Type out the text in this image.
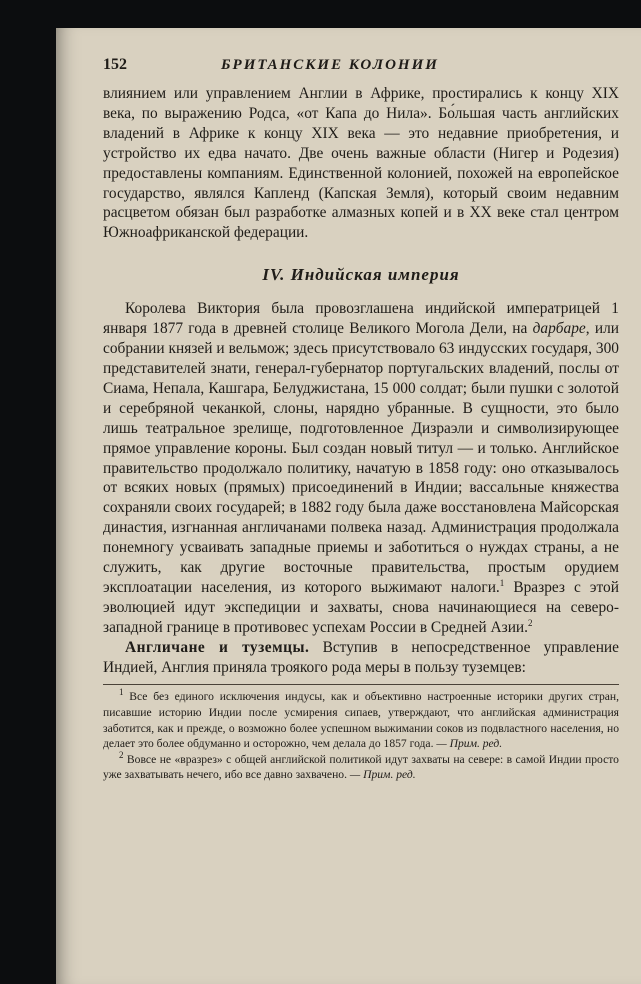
152	БРИТАНСКИЕ КОЛОНИИ

влиянием или управлением Англии в Африке, простирались к концу XIX века, по выражению Родса, «от Капа до Нила». Бо́льшая часть английских владений в Африке к концу XIX века — это недавние приобретения, и устройство их едва начато. Две очень важные области (Нигер и Родезия) предоставлены компаниям. Единственной колонией, похожей на европейское государство, являлся Капленд (Капская Земля), который своим недавним расцветом обязан был разработке алмазных копей и в XX веке стал центром Южноафриканской федерации.

IV. Индийская империя

Королева Виктория была провозглашена индийской императрицей 1 января 1877 года в древней столице Великого Могола Дели, на дарбаре, или собрании князей и вельмож; здесь присутствовало 63 индусских государя, 300 представителей знати, генерал-губернатор португальских владений, послы от Сиама, Непала, Кашгара, Белуджистана, 15 000 солдат; были пушки с золотой и серебряной чеканкой, слоны, нарядно убранные. В сущности, это было лишь театральное зрелище, подготовленное Дизраэли и символизирующее прямое управление короны. Был создан новый титул — и только. Английское правительство продолжало политику, начатую в 1858 году: оно отказывалось от всяких новых (прямых) присоединений в Индии; вассальные княжества сохраняли своих государей; в 1882 году была даже восстановлена Майсорская династия, изгнанная англичанами полвека назад. Администрация продолжала понемногу усваивать западные приемы и заботиться о нуждах страны, а не служить, как другие восточные правительства, простым орудием эксплоатации населения, из которого выжимают налоги.$^1$ Вразрез с этой эволюцией идут экспедиции и захваты, снова начинающиеся на северо-западной границе в противовес успехам России в Средней Азии.$^2$

Англичане и туземцы. Вступив в непосредственное управление Индией, Англия приняла троякого рода меры в пользу туземцев:

$^1$ Все без единого исключения индусы, как и объективно настроенные историки других стран, писавшие историю Индии после усмирения сипаев, утверждают, что английская администрация заботится, как и прежде, о возможно более успешном выжимании соков из подвластного населения, но делает это более обдуманно и осторожно, чем делала до 1857 года. — Прим. ред.

$^2$ Вовсе не «вразрез» с общей английской политикой идут захваты на севере: в самой Индии просто уже захватывать нечего, ибо все давно захвачено. — Прим. ред.
